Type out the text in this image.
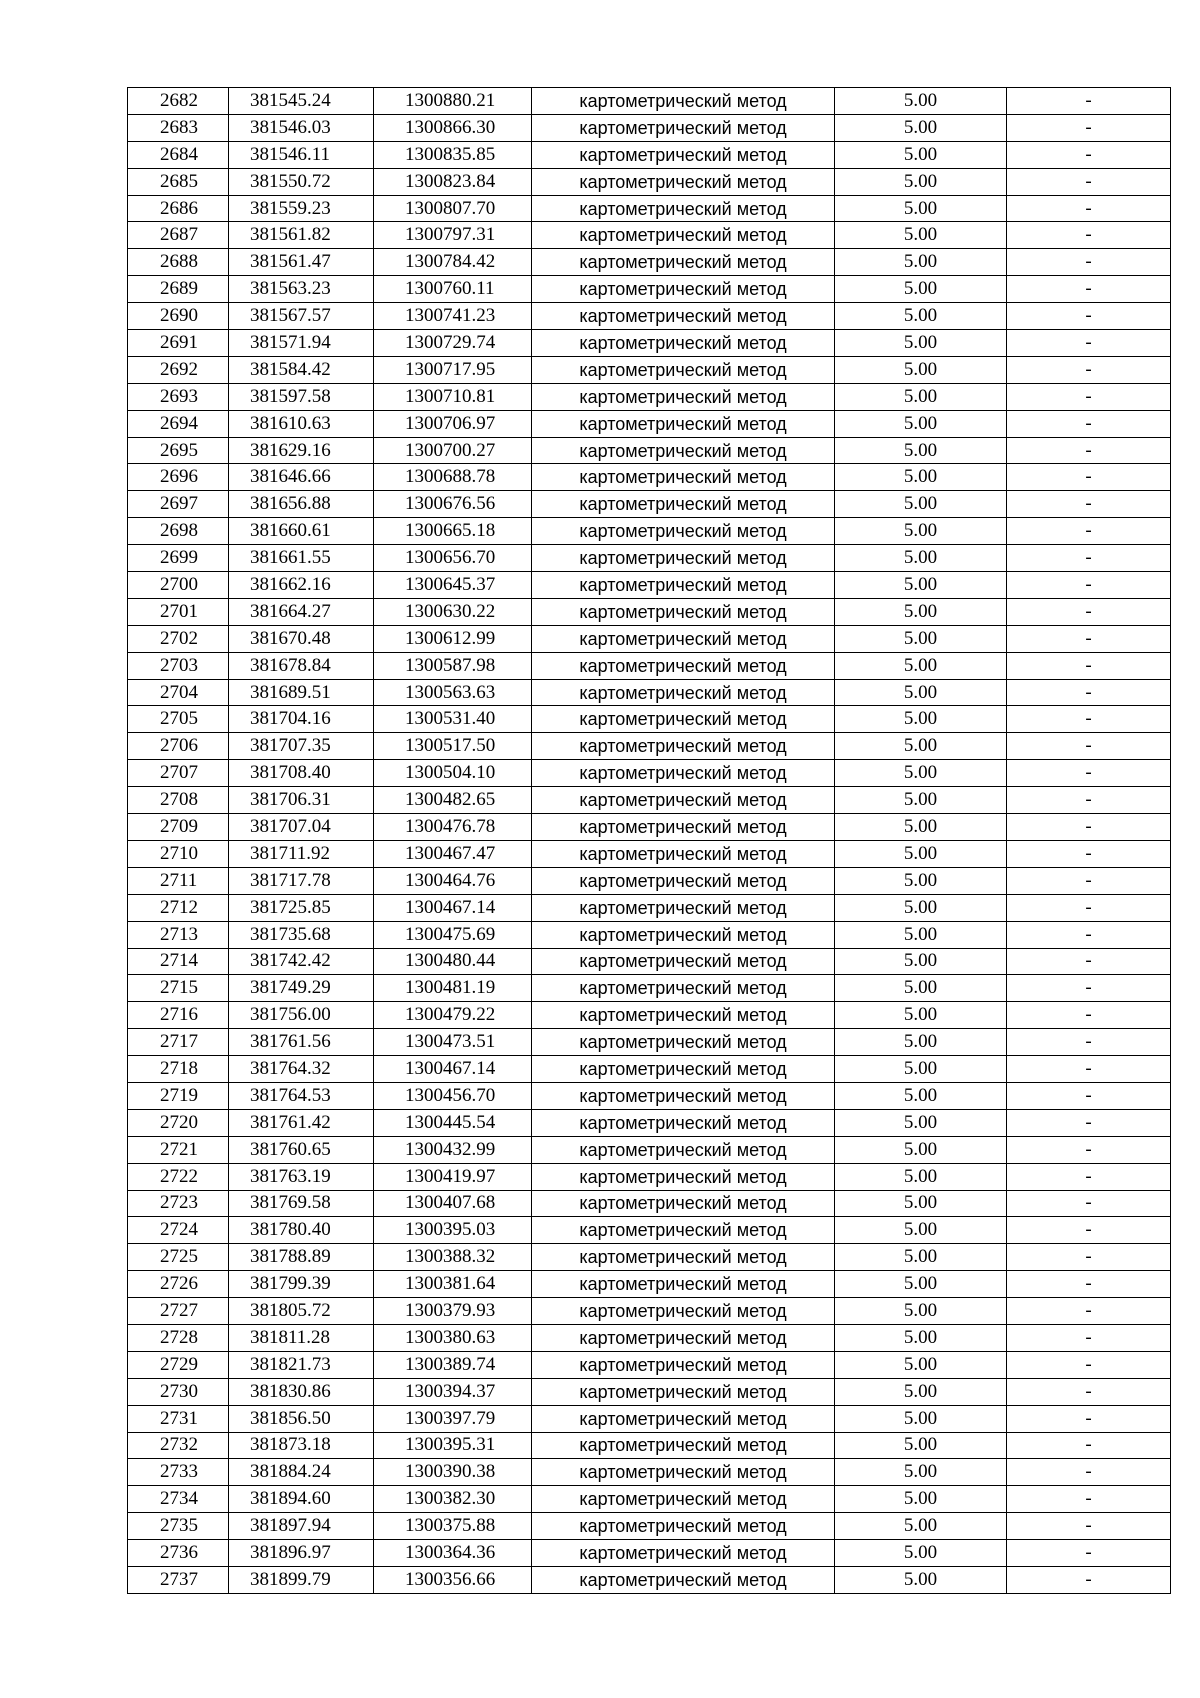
2682	381545.24	1300880.21	картометрический метод	5.00	-
2683	381546.03	1300866.30	картометрический метод	5.00	-
2684	381546.11	1300835.85	картометрический метод	5.00	-
2685	381550.72	1300823.84	картометрический метод	5.00	-
2686	381559.23	1300807.70	картометрический метод	5.00	-
2687	381561.82	1300797.31	картометрический метод	5.00	-
2688	381561.47	1300784.42	картометрический метод	5.00	-
2689	381563.23	1300760.11	картометрический метод	5.00	-
2690	381567.57	1300741.23	картометрический метод	5.00	-
2691	381571.94	1300729.74	картометрический метод	5.00	-
2692	381584.42	1300717.95	картометрический метод	5.00	-
2693	381597.58	1300710.81	картометрический метод	5.00	-
2694	381610.63	1300706.97	картометрический метод	5.00	-
2695	381629.16	1300700.27	картометрический метод	5.00	-
2696	381646.66	1300688.78	картометрический метод	5.00	-
2697	381656.88	1300676.56	картометрический метод	5.00	-
2698	381660.61	1300665.18	картометрический метод	5.00	-
2699	381661.55	1300656.70	картометрический метод	5.00	-
2700	381662.16	1300645.37	картометрический метод	5.00	-
2701	381664.27	1300630.22	картометрический метод	5.00	-
2702	381670.48	1300612.99	картометрический метод	5.00	-
2703	381678.84	1300587.98	картометрический метод	5.00	-
2704	381689.51	1300563.63	картометрический метод	5.00	-
2705	381704.16	1300531.40	картометрический метод	5.00	-
2706	381707.35	1300517.50	картометрический метод	5.00	-
2707	381708.40	1300504.10	картометрический метод	5.00	-
2708	381706.31	1300482.65	картометрический метод	5.00	-
2709	381707.04	1300476.78	картометрический метод	5.00	-
2710	381711.92	1300467.47	картометрический метод	5.00	-
2711	381717.78	1300464.76	картометрический метод	5.00	-
2712	381725.85	1300467.14	картометрический метод	5.00	-
2713	381735.68	1300475.69	картометрический метод	5.00	-
2714	381742.42	1300480.44	картометрический метод	5.00	-
2715	381749.29	1300481.19	картометрический метод	5.00	-
2716	381756.00	1300479.22	картометрический метод	5.00	-
2717	381761.56	1300473.51	картометрический метод	5.00	-
2718	381764.32	1300467.14	картометрический метод	5.00	-
2719	381764.53	1300456.70	картометрический метод	5.00	-
2720	381761.42	1300445.54	картометрический метод	5.00	-
2721	381760.65	1300432.99	картометрический метод	5.00	-
2722	381763.19	1300419.97	картометрический метод	5.00	-
2723	381769.58	1300407.68	картометрический метод	5.00	-
2724	381780.40	1300395.03	картометрический метод	5.00	-
2725	381788.89	1300388.32	картометрический метод	5.00	-
2726	381799.39	1300381.64	картометрический метод	5.00	-
2727	381805.72	1300379.93	картометрический метод	5.00	-
2728	381811.28	1300380.63	картометрический метод	5.00	-
2729	381821.73	1300389.74	картометрический метод	5.00	-
2730	381830.86	1300394.37	картометрический метод	5.00	-
2731	381856.50	1300397.79	картометрический метод	5.00	-
2732	381873.18	1300395.31	картометрический метод	5.00	-
2733	381884.24	1300390.38	картометрический метод	5.00	-
2734	381894.60	1300382.30	картометрический метод	5.00	-
2735	381897.94	1300375.88	картометрический метод	5.00	-
2736	381896.97	1300364.36	картометрический метод	5.00	-
2737	381899.79	1300356.66	картометрический метод	5.00	-
